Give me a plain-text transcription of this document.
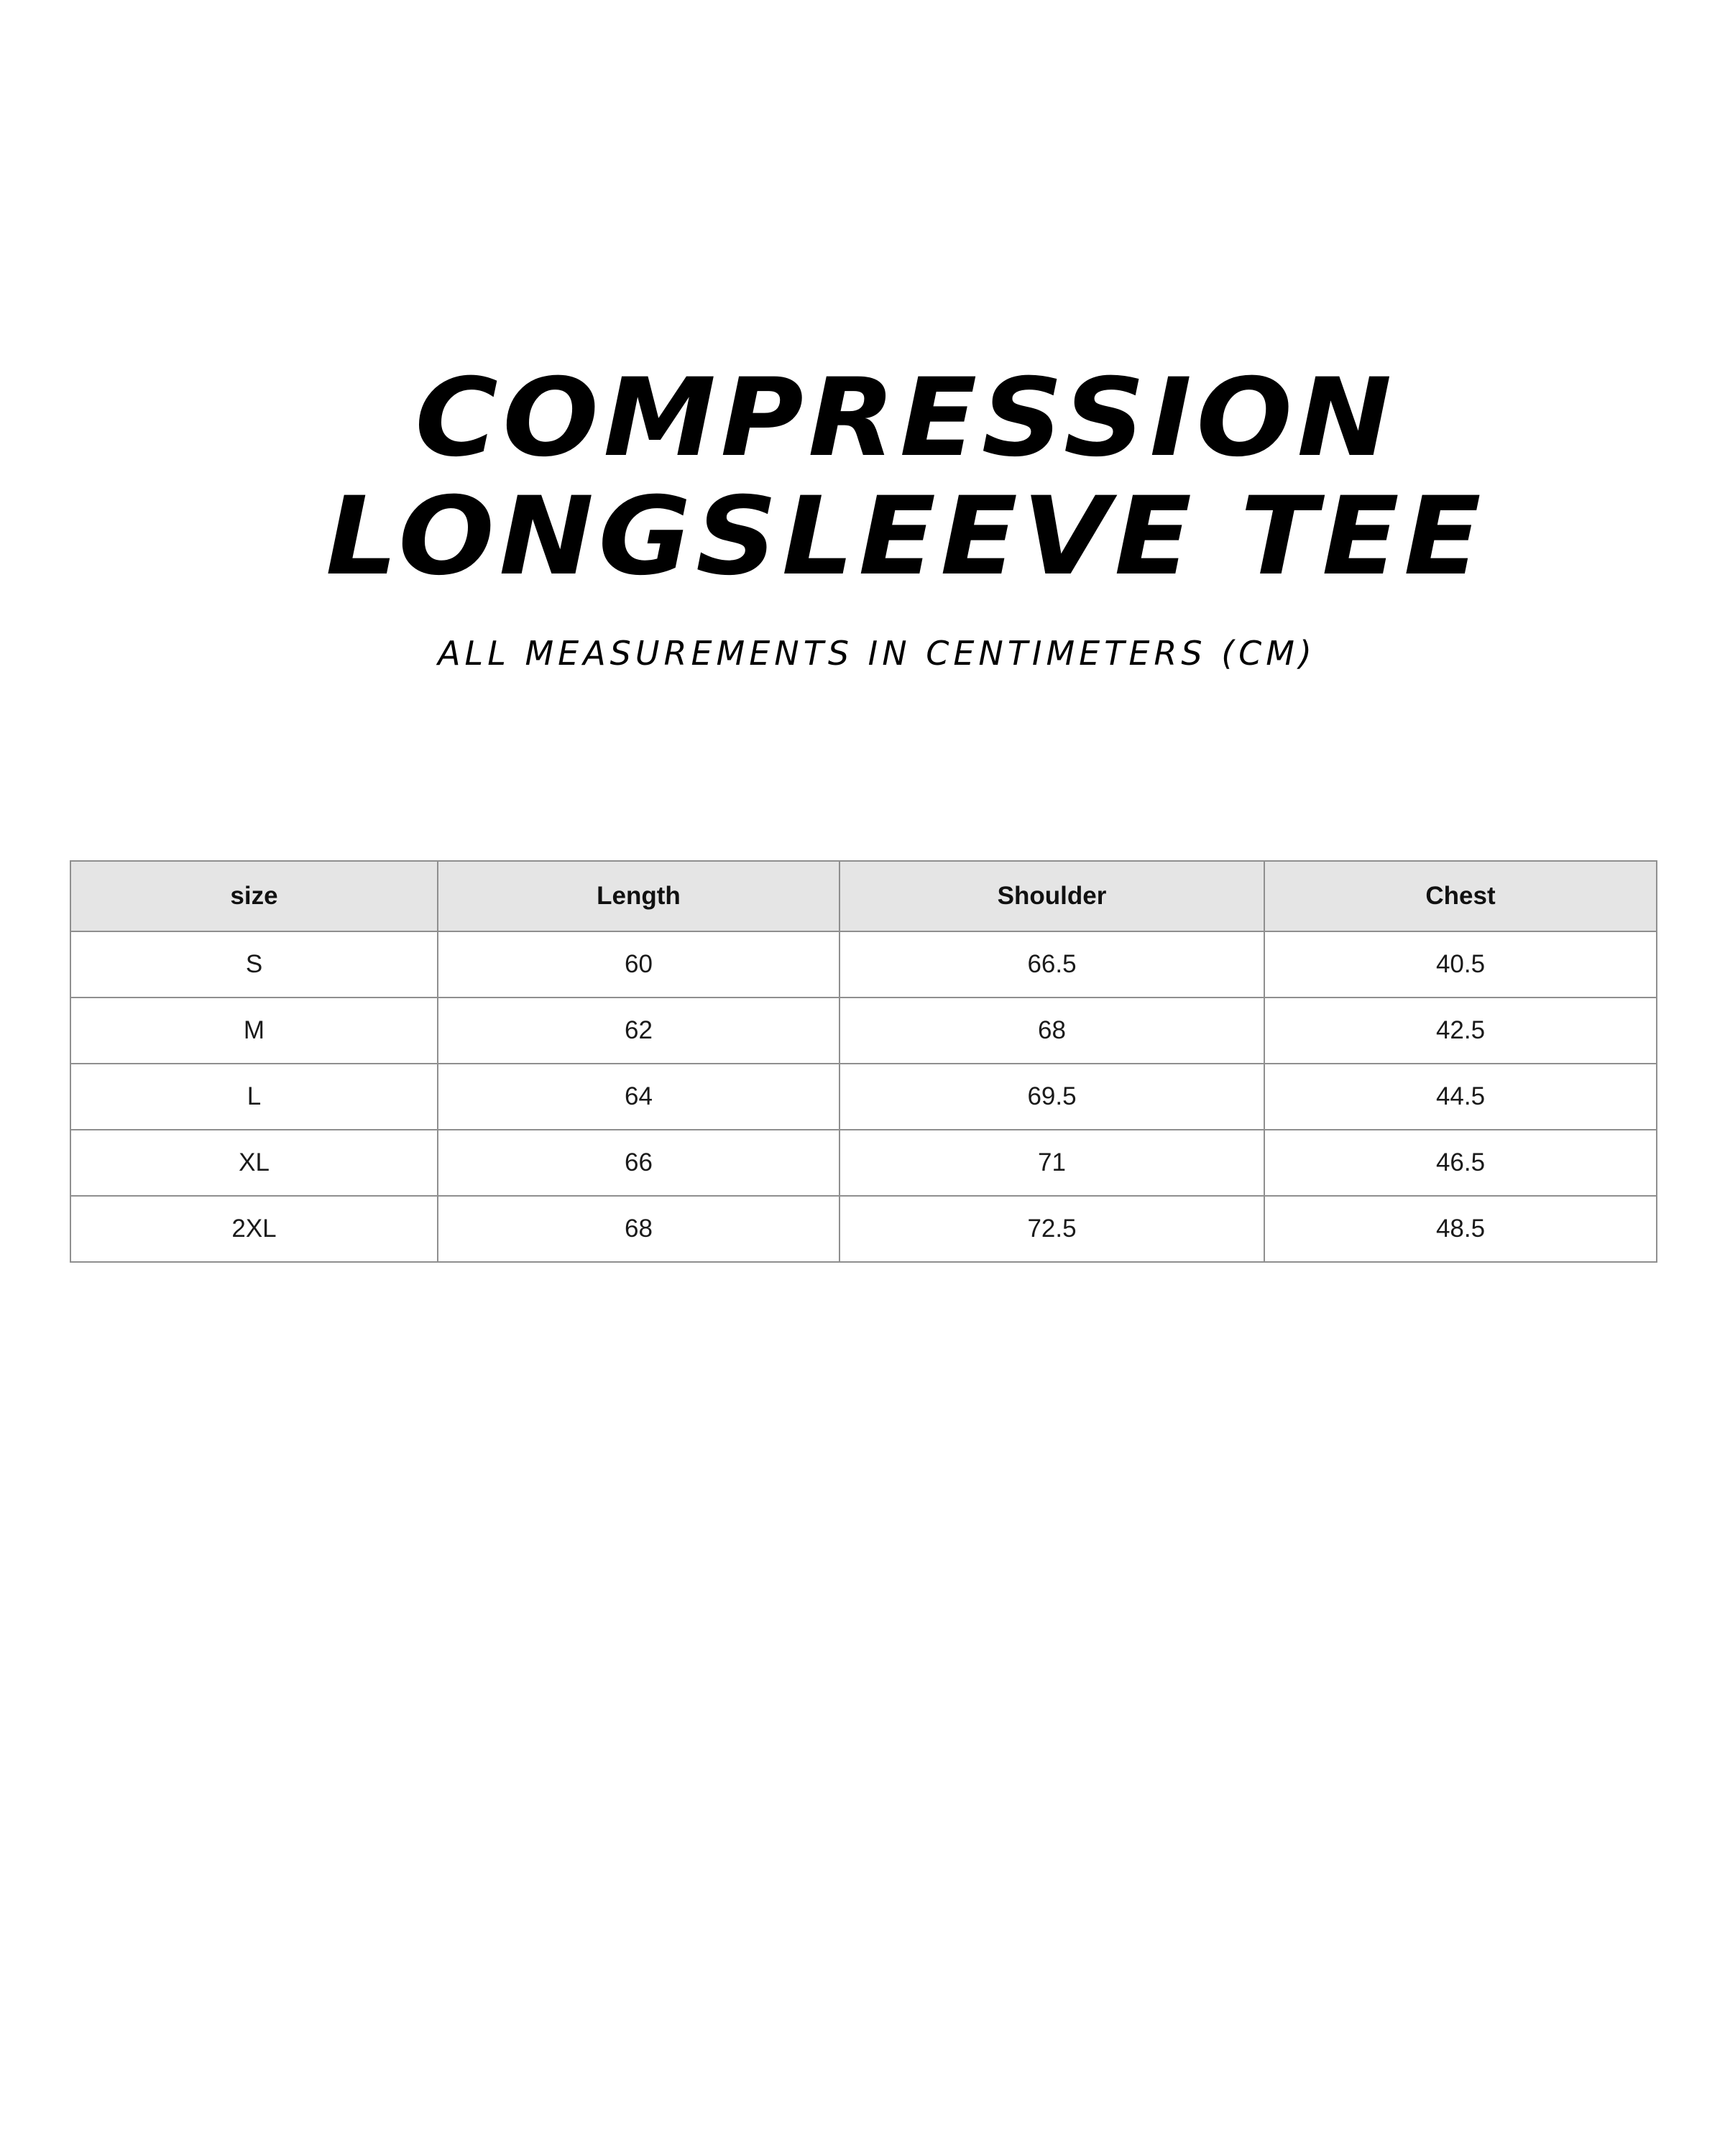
COMPRESSION
LONGSLEEVE TEE
ALL MEASUREMENTS IN CENTIMETERS (CM)
size	Length	Shoulder	Chest
S	60	66.5	40.5
M	62	68	42.5
L	64	69.5	44.5
XL	66	71	46.5
2XL	68	72.5	48.5
